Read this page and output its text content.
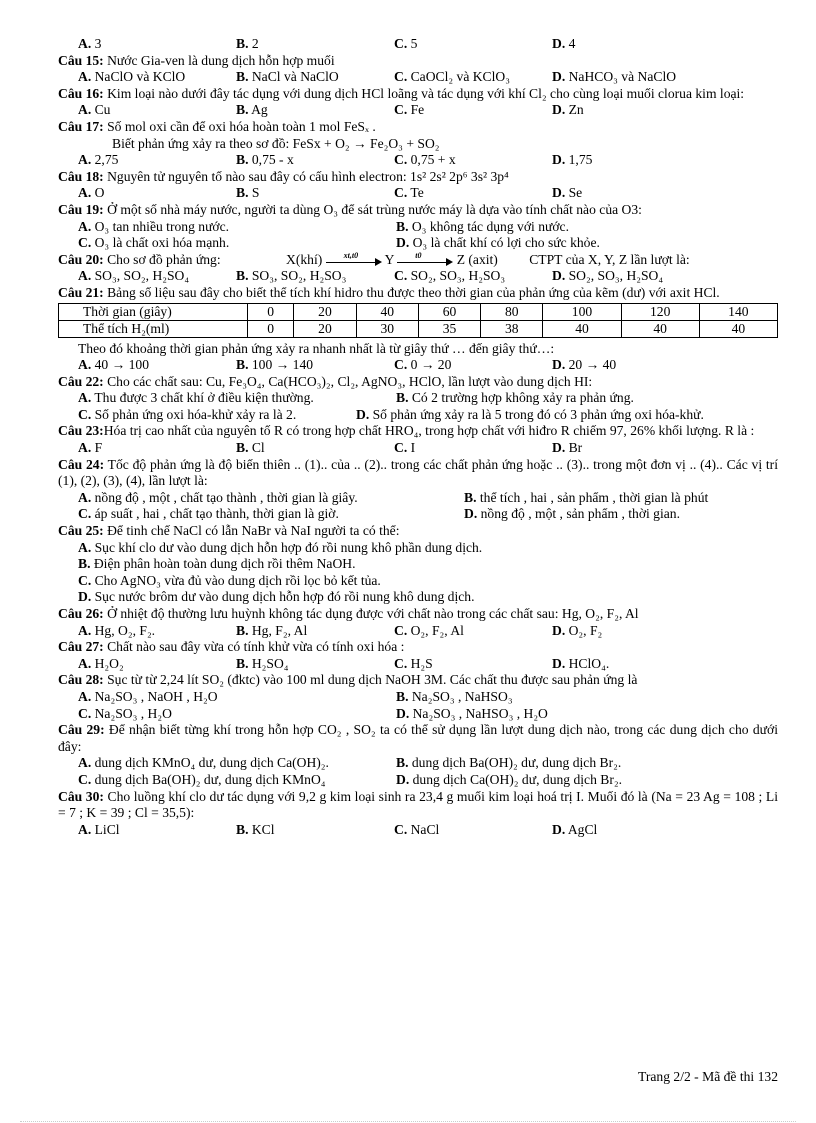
A. 3	B. 2	C. 5	D. 4

Câu 15: Nước Gia-ven là dung dịch hỗn hợp muối

A. NaClO và KClO	B. NaCl và NaClO	C. CaOCl₂ và KClO₃	D. NaHCO₃ và NaClO

Câu 16: Kim loại nào dưới đây tác dụng với dung dịch HCl loãng và tác dụng với khí Cl₂ cho cùng loại muối clorua kim loại:

A. Cu	B. Ag	C. Fe	D. Zn

Câu 17: Số mol oxi cần để oxi hóa hoàn toàn 1 mol FeSₓ .

Biết phản ứng xảy ra theo sơ đồ: FeSx + O₂ → Fe₂O₃ + SO₂

A. 2,75	B. 0,75 - x	C. 0,75 + x	D. 1,75

Câu 18: Nguyên tử nguyên tố nào sau đây có cấu hình electron: 1s² 2s² 2p⁶ 3s² 3p⁴

A. O	B. S	C. Te	D. Se

Câu 19: Ở một số nhà máy nước, người ta dùng O₃ để sát trùng nước máy là dựa vào tính chất nào của O3:

A. O₃ tan nhiều trong nước.	B. O₃ không tác dụng với nước.
C. O₃ là chất oxi hóa mạnh.	D. O₃ là chất khí có lợi cho sức khỏe.

Câu 20: Cho sơ đồ phản ứng:	X(khí)	xt,t0 Y	t0	Z (axit) CTPT của X, Y, Z lần lượt là:

A. SO₃, SO₂, H₂SO₄	B. SO₃, SO₂, H₂SO₃	C. SO₂, SO₃, H₂SO₃	D. SO₂, SO₃, H₂SO₄

Câu 21: Bảng số liệu sau đây cho biết thể tích khí hidro thu được theo thời gian của phản ứng của kẽm (dư) với axit HCl.

Thời gian (giây)	0	20	40	60	80	100	120	140
Thể tích H₂(ml)	0	20	30	35	38	40	40	40

Theo đó khoảng thời gian phản ứng xảy ra nhanh nhất là từ giây thứ … đến giây thứ…:

A. 40 → 100	B. 100 → 140	C. 0 → 20	D. 20 → 40

Câu 22: Cho các chất sau: Cu, Fe₃O₄, Ca(HCO₃)₂, Cl₂, AgNO₃, HClO, lần lượt vào dung dịch HI:

A. Thu được 3 chất khí ở điều kiện thường.	B. Có 2 trường hợp không xảy ra phản ứng.
C. Số phản ứng oxi hóa-khử xảy ra là 2.	D. Số phản ứng xảy ra là 5 trong đó có 3 phản ứng oxi hóa-khử.

Câu 23:Hóa trị cao nhất của nguyên tố R có trong hợp chất HRO₄, trong hợp chất với hiđro R chiếm 97, 26% khối lượng. R là :

A. F	B. Cl	C. I	D. Br

Câu 24: Tốc độ phản ứng là độ biến thiên .. (1).. của .. (2).. trong các chất phản ứng hoặc .. (3).. trong một đơn vị .. (4).. Các vị trí (1), (2), (3), (4), lần lượt là:

A. nồng độ , một , chất tạo thành , thời gian là giây.	B. thể tích , hai , sản phẩm , thời gian là phút
C. áp suất , hai , chất tạo thành, thời gian là giờ.	D. nồng độ , một , sản phẩm , thời gian.

Câu 25: Để tinh chế NaCl có lẫn NaBr và NaI người ta có thể:

A. Sục khí clo dư vào dung dịch hỗn hợp đó rồi nung khô phần dung dịch.

B. Điện phân hoàn toàn dung dịch rồi thêm NaOH.

C. Cho AgNO₃ vừa đủ vào dung dịch rồi lọc bỏ kết tủa.

D. Sục nước brôm dư vào dung dịch hỗn hợp đó rồi nung khô dung dịch.

Câu 26: Ở nhiệt độ thường lưu huỳnh không tác dụng được với chất nào trong các chất sau: Hg, O₂, F₂, Al

A. Hg, O₂, F₂.	B. Hg, F₂, Al	C. O₂, F₂, Al	D. O₂, F₂

Câu 27: Chất nào sau đây vừa có tính khử vừa có tính oxi hóa :

A. H₂O₂	B. H₂SO₄	C. H₂S	D. HClO₄.

Câu 28: Sục từ từ 2,24 lít SO₂ (đktc) vào 100 ml dung dịch NaOH 3M. Các chất thu được sau phản ứng là

A. Na₂SO₃ , NaOH , H₂O	B. Na₂SO₃ , NaHSO₃
C. Na₂SO₃ , H₂O	D. Na₂SO₃ , NaHSO₃ , H₂O

Câu 29: Để nhận biết từng khí trong hỗn hợp CO₂ , SO₂ ta có thể sử dụng lần lượt dung dịch nào, trong các dung dịch cho dưới đây:

A. dung dịch KMnO₄ dư, dung dịch Ca(OH)₂.	B. dung dịch Ba(OH)₂ dư, dung dịch Br₂.
C. dung dịch Ba(OH)₂ dư, dung dịch KMnO₄	D. dung dịch Ca(OH)₂ dư, dung dịch Br₂.

Câu 30: Cho luồng khí clo dư tác dụng với 9,2 g kim loại sinh ra 23,4 g muối kim loại hoá trị I. Muối đó là (Na = 23 Ag = 108 ; Li = 7 ; K = 39 ; Cl = 35,5):

A. LiCl	B. KCl	C. NaCl	D. AgCl
Trang 2/2 - Mã đề thi 132
